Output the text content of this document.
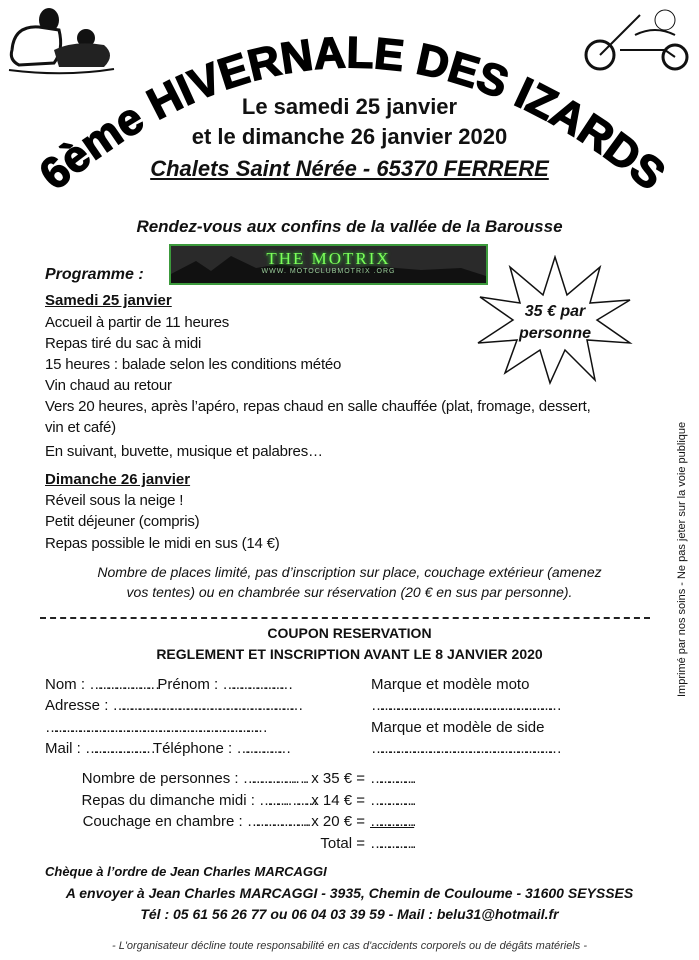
6ème HIVERNALE DES IZARDS
Le samedi 25 janvier
et le dimanche 26 janvier 2020
Chalets Saint Nérée - 65370 FERRERE
Rendez-vous aux confins de la vallée de la Barousse
THE MOTRIX
WWW. MOTOCLUBMOTRIX .ORG
35 € par
personne
Programme :
Samedi 25 janvier
Accueil à partir de 11 heures
Repas tiré du sac à midi
15 heures : balade selon les conditions météo
Vin chaud au retour
Vers 20 heures, après l’apéro, repas chaud en salle chauffée (plat, fromage, dessert,
vin et café)
En suivant, buvette, musique et palabres…
Dimanche 26 janvier
Réveil sous la neige !
Petit déjeuner (compris)
Repas possible le midi en sus (14 €)
Nombre de places limité, pas d’inscription sur place, couchage extérieur (amenez
vos tentes) ou en chambrée sur réservation (20 € en sus par personne).	Imprimé par nos soins - Ne pas jeter sur la voie publique
COUPON RESERVATION
REGLEMENT ET INSCRIPTION AVANT LE 8 JANVIER 2020
Nom : …………………… Prénom : ……………………
Adresse : ……………………………………………………………
………………………………………………………………………
Mail : …………………… Téléphone : ………………
Marque et modèle moto
……………………………………………………………
Marque et modèle de side
……………………………………………………………
Nombre de personnes : ……………….…. x 35 € = …………….
Repas du dimanche midi : ……….………x 14 € = …………….
Couchage en chambre : …………………..x 20 € = …………….
Total = …………….
Chèque à l’ordre de Jean Charles MARCAGGI
A envoyer à Jean Charles MARCAGGI - 3935, Chemin de Couloume - 31600 SEYSSES
Tél : 05 61 56 26 77 ou 06 04 03 39 59 - Mail : belu31@hotmail.fr
- L'organisateur décline toute responsabilité en cas d'accidents corporels ou de dégâts matériels -
